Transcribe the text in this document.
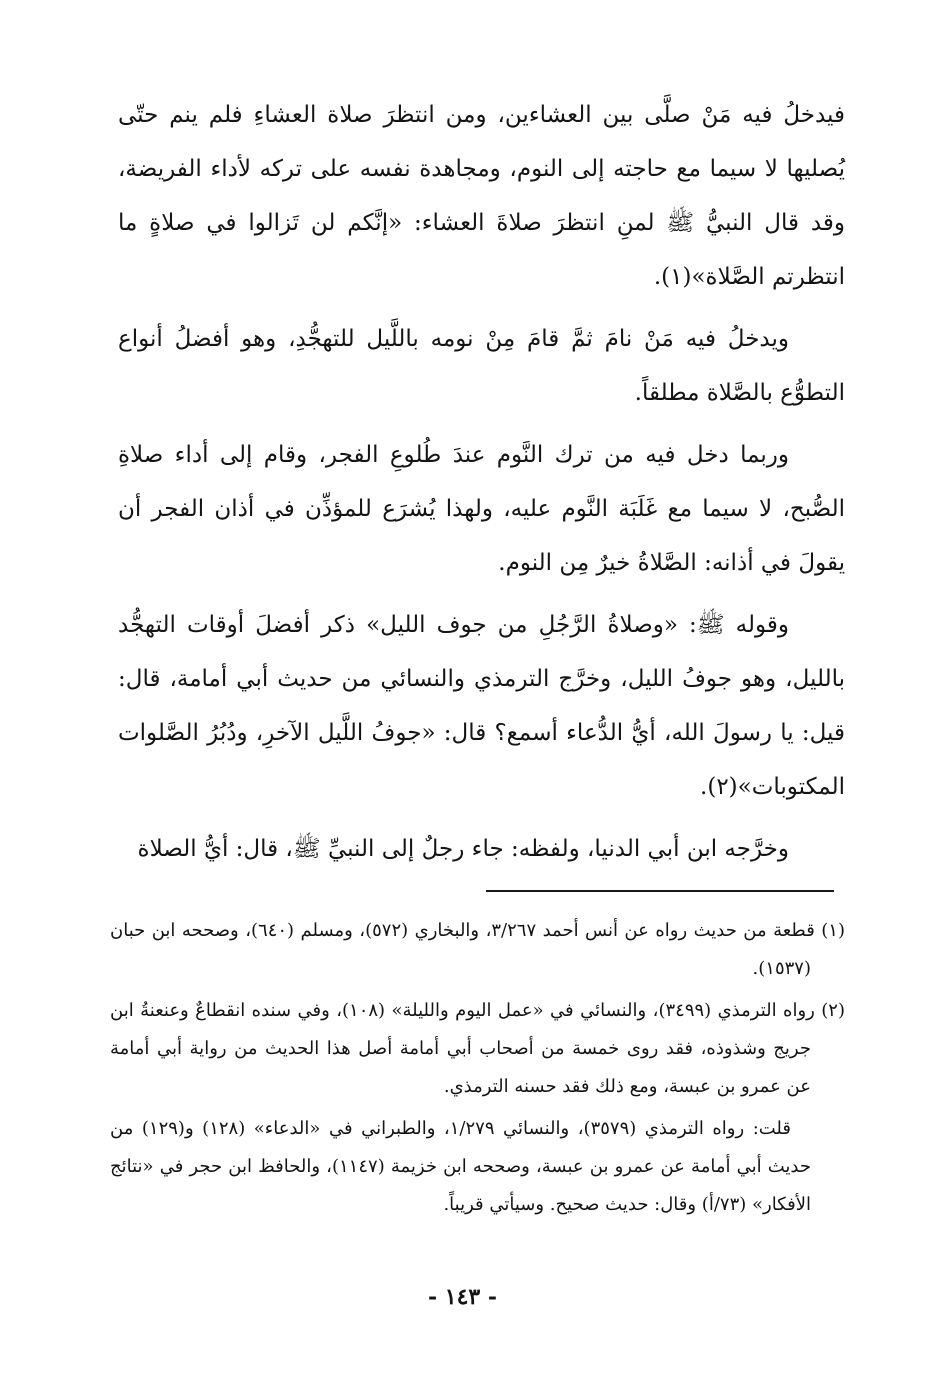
فيدخلُ فيه مَنْ صلَّى بين العشاءين، ومن انتظرَ صلاة العشاءِ فلم ينم حتّى يُصليها لا سيما مع حاجته إلى النوم، ومجاهدة نفسه على تركه لأداء الفريضة، وقد قال النبيُّ ﷺ لمنِ انتظرَ صلاةَ العشاء: «إنَّكم لن تَزالوا في صلاةٍ ما انتظرتم الصَّلاة»(١).

ويدخلُ فيه مَنْ نامَ ثمَّ قامَ مِنْ نومه باللَّيل للتهجُّدِ، وهو أفضلُ أنواع التطوُّع بالصَّلاة مطلقاً.

وربما دخل فيه من ترك النَّوم عندَ طُلوعِ الفجر، وقام إلى أداء صلاةِ الصُّبح، لا سيما مع غَلَبَة النَّوم عليه، ولهذا يُشرَع للمؤذِّن في أذان الفجر أن يقولَ في أذانه: الصَّلاةُ خيرٌ مِن النوم.

وقوله ﷺ: «وصلاةُ الرَّجُلِ من جوف الليل» ذكر أفضلَ أوقات التهجُّد بالليل، وهو جوفُ الليل، وخرَّج الترمذي والنسائي من حديث أبي أمامة، قال: قيل: يا رسولَ الله، أيُّ الدُّعاء أسمع؟ قال: «جوفُ اللَّيل الآخرِ، ودُبُرُ الصَّلوات المكتوبات»(٢).

وخرَّجه ابن أبي الدنيا، ولفظه: جاء رجلٌ إلى النبيِّ ﷺ، قال: أيُّ الصلاة

(١) قطعة من حديث رواه عن أنس أحمد ٣/٢٦٧، والبخاري (٥٧٢)، ومسلم (٦٤٠)، وصححه ابن حبان (١٥٣٧).

(٢) رواه الترمذي (٣٤٩٩)، والنسائي في «عمل اليوم والليلة» (١٠٨)، وفي سنده انقطاعٌ وعنعنةُ ابن جريج وشذوذه، فقد روى خمسة من أصحاب أبي أمامة أصل هذا الحديث من رواية أبي أمامة عن عمرو بن عبسة، ومع ذلك فقد حسنه الترمذي.

قلت: رواه الترمذي (٣٥٧٩)، والنسائي ١/٢٧٩، والطبراني في «الدعاء» (١٢٨) و(١٢٩) من حديث أبي أمامة عن عمرو بن عبسة، وصححه ابن خزيمة (١١٤٧)، والحافظ ابن حجر في «نتائج الأفكار» (٧٣/أ) وقال: حديث صحيح. وسيأتي قريباً.

- ١٤٣ -
